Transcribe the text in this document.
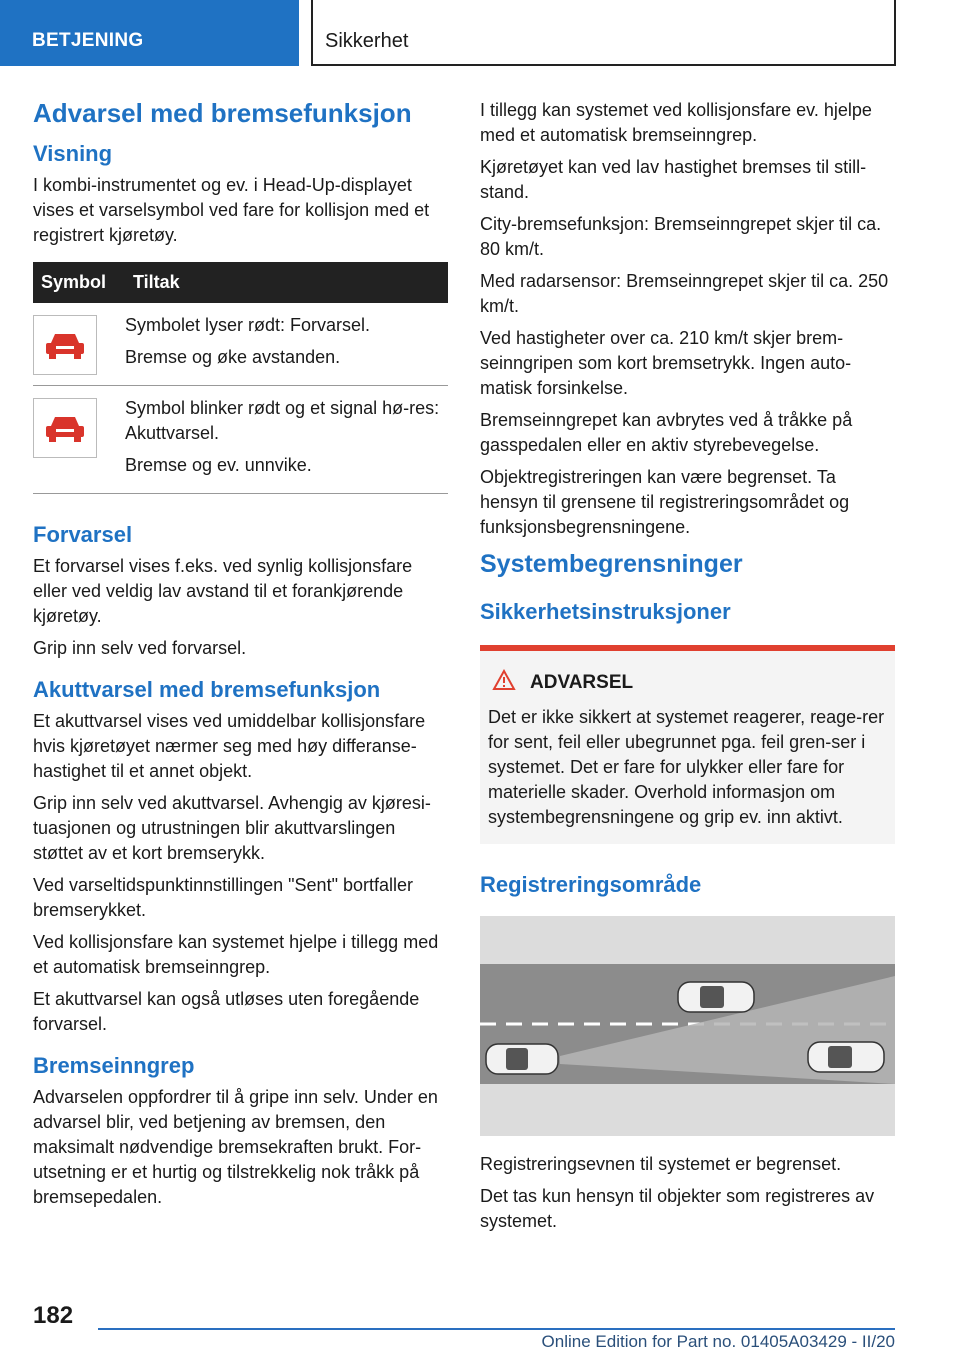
BETJENING	Sikkerhet
Advarsel med bremsefunksjon
Visning

I kombi-instrumentet og ev. i Head-Up-displayet vises et varselsymbol ved fare for kollisjon med et registrert kjøretøy.

Symbol	Tiltak

Symbolet lyser rødt: Forvarsel.

Bremse og øke avstanden.

Symbol blinker rødt og et signal hø-res: Akuttvarsel.

Bremse og ev. unnvike.

Forvarsel

Et forvarsel vises f.eks. ved synlig kollisjonsfare eller ved veldig lav avstand til et forankjørende kjøretøy.

Grip inn selv ved forvarsel.

Akuttvarsel med bremsefunksjon

Et akuttvarsel vises ved umiddelbar kollisjonsfare hvis kjøretøyet nærmer seg med høy differanse-hastighet til et annet objekt.

Grip inn selv ved akuttvarsel. Avhengig av kjøresi-tuasjonen og utrustningen blir akuttvarslingen støttet av et kort bremserykk.

Ved varseltidspunktinnstillingen "Sent" bortfaller bremserykket.

Ved kollisjonsfare kan systemet hjelpe i tillegg med et automatisk bremseinngrep.

Et akuttvarsel kan også utløses uten foregående forvarsel.

Bremseinngrep

Advarselen oppfordrer til å gripe inn selv. Under en advarsel blir, ved betjening av bremsen, den maksimalt nødvendige bremsekraften brukt. For-utsetning er et hurtig og tilstrekkelig nok tråkk på bremsepedalen.

I tillegg kan systemet ved kollisjonsfare ev. hjelpe med et automatisk bremseinngrep.

Kjøretøyet kan ved lav hastighet bremses til still-stand.

City-bremsefunksjon: Bremseinngrepet skjer til ca. 80 km/t.

Med radarsensor: Bremseinngrepet skjer til ca. 250 km/t.

Ved hastigheter over ca. 210 km/t skjer brem-seinngripen som kort bremsetrykk. Ingen auto-matisk forsinkelse.

Bremseinngrepet kan avbrytes ved å tråkke på gasspedalen eller en aktiv styrebevegelse.

Objektregistreringen kan være begrenset. Ta hensyn til grensene til registreringsområdet og funksjonsbegrensningene.

Systembegrensninger
Sikkerhetsinstruksjoner
ADVARSEL

Det er ikke sikkert at systemet reagerer, reage-rer for sent, feil eller ubegrunnet pga. feil gren-ser i systemet. Det er fare for ulykker eller fare for materielle skader. Overhold informasjon om systembegrensningene og grip ev. inn aktivt.

Registreringsområde

Registreringsevnen til systemet er begrenset.

Det tas kun hensyn til objekter som registreres av systemet.

182
Online Edition for Part no. 01405A03429 - II/20
